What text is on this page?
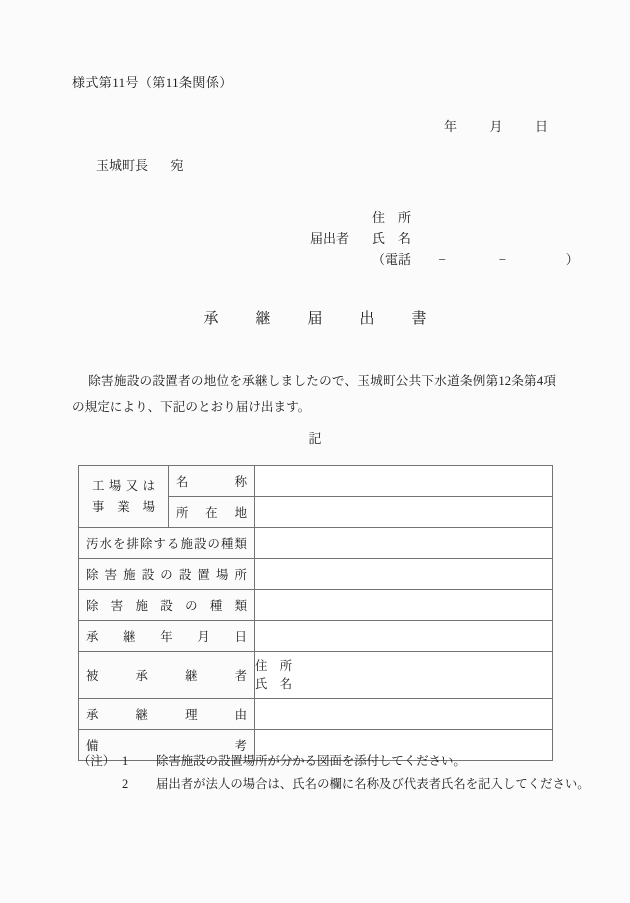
様式第11号（第11条関係）
年	月	日
玉城町長 宛
住　所
届出者 氏　名
（電話 −	−	）
承　継　届　出　書
除害施設の設置者の地位を承継しましたので、玉城町公共下水道条例第12条第4項の規定により、下記のとおり届け出ます。
記
工 場 又 は
事 業 場

名	称

	所 在 地	

汚 水 を 排 除 す る 施 設 の 種 類

除 害 施 設 の 設 置 場 所

除 害 施 設 の 種 類

承 継 年 月 日		

被 承 継 者		住　所
氏　名

承 継 理 由		

備 考		

（注） 1 除害施設の設置場所が分かる図面を添付してください。
2 届出者が法人の場合は、氏名の欄に名称及び代表者氏名を記入してください。
